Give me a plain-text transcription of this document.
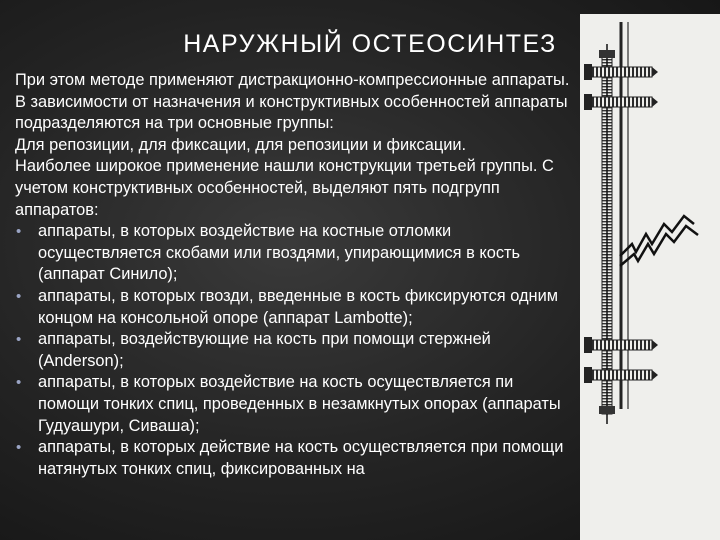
НАРУЖНЫЙ ОСТЕОСИНТЕЗ

При этом методе применяют дистракционно-компрессионные аппараты. В зависимости от назначения и конструктивных особенностей аппараты подразделяются на три основные группы:

Для репозиции, для фиксации, для репозиции и фиксации.

Наиболее широкое применение нашли конструкции третьей группы. С учетом конструктивных особенностей, выделяют пять подгрупп аппаратов:

• аппараты, в которых воздействие на костные отломки осуществляется скобами или гвоздями, упирающимися в кость (аппарат Синило);
• аппараты, в которых гвозди, введенные в кость фиксируются одним концом на консольной опоре (аппарат Lambotte);
• аппараты, воздействующие на кость при помощи стержней (Anderson);
• аппараты, в которых воздействие на кость осуществляется пи помощи тонких спиц, проведенных в незамкнутых опорах (аппараты Гудуашури, Сиваша);
• аппараты, в которых действие на кость осуществляется при помощи натянутых тонких спиц, фиксированных на
